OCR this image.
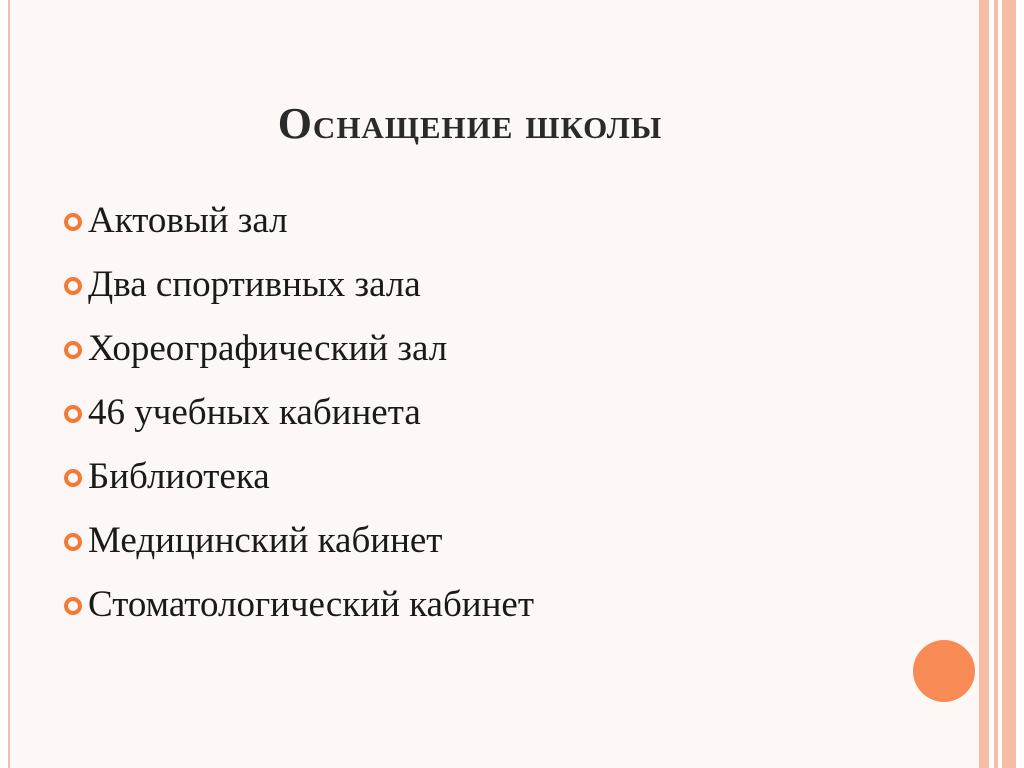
Оснащение школы
Актовый зал
Два спортивных зала
Хореографический зал
46 учебных кабинета
Библиотека
Медицинский кабинет
Стоматологический кабинет
